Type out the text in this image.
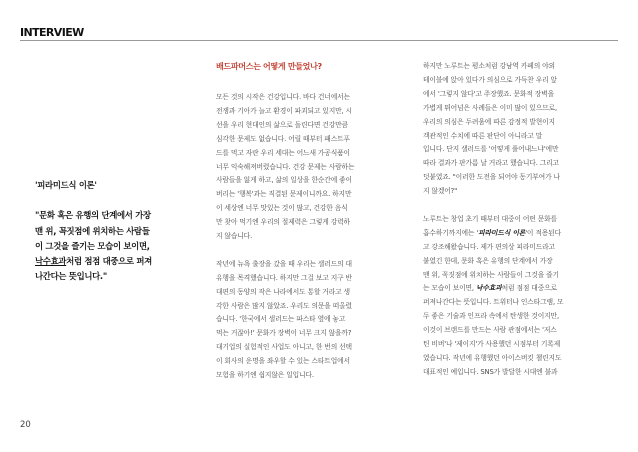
INTERVIEW
'피라미드식 이론'
"문화 혹은 유행의 단계에서 가장
맨 위, 꼭짓점에 위치하는 사람들
이 그것을 즐기는 모습이 보이면,
낙수효과처럼 점점 대중으로 퍼져
나간다는 뜻입니다."
배드파머스는 어떻게 만들었나?
모든 것의 시작은 건강입니다. 바다 건너에서는
전쟁과 기아가 늘고 환경이 파괴되고 있지만, 시
선을 우리 현대인의 삶으로 돌린다면 건강만큼
심각한 문제도 없습니다. 어릴 때부터 패스트푸
드를 먹고 자란 우리 세대는 어느새 가공식품이
너무 익숙해져버렸습니다. 건강 문제는 사람하는
사람들을 잃게 하고, 삶의 일상을 한순간에 좋이
버리는 '행복'과는 직결된 문제이니까요. 하지만
이 세상엔 너무 맛있는 것이 많고, 건강한 음식
만 찾아 먹기엔 우리의 절제력은 그렇게 강력하
지 않습니다.
작년에 뉴욕 출장을 갔을 때 우리는 샐러드의 대
유행을 목격했습니다. 하지만 그걸 보고 지구 반
대편의 동양의 작은 나라에서도 통할 거라고 생
각한 사람은 많지 않았죠. 우리도 의문을 떠올렸
습니다. '한국에서 샐러드는 파스타 옆에 놓고
먹는 거잖아!' 문화가 장벽이 너무 크지 않을까?
대기업의 실험적인 사업도 아니고, 한 번의 선택
이 회사의 운명을 좌우할 수 있는 스타트업에서
모험을 하기엔 쉽지않은 일입니다.
하지만 노루트는 평소처럼 강남역 카페의 야외
테이블에 앉아 있다가 의심으로 가득찬 우리 앞
에서 '그렇지 않다'고 주장했죠. 문화적 장벽을
가볍게 뛰어넘은 사례들은 이미 많이 있으므로,
우리의 의심은 두려움에 따른 감정적 발현이지
객관적인 수치에 따른 판단이 아니라고 말
입니다. 단지 샐러드를 '어떻게 풀어내느냐'에만
따라 결과가 판가름 날 거라고 했습니다. 그리고
덧붙였죠. "이러한 도전을 되어야 동기부여가 나
지 않겠어?"
노루트는 창업 초기 때부터 대중이 어떤 문화를
흡수하기까지에는 '피라미드식 이론'이 적용된다
고 강조해왔습니다. 제가 편의상 피라미드라고
붙였긴 한데, 문화 혹은 유행의 단계에서 가장
맨 위, 꼭짓점에 위치하는 사람들이 그것을 즐기
는 모습이 보이면, 낙수효과처럼 점점 대중으로
퍼져나간다는 뜻입니다. 트위터나 인스타그램, 모
두 좋은 기술과 인프라 속에서 탄생한 것이지만,
이것이 브랜드를 만드는 사람 관점에서는 '저스
틴 비버'나 '제이지'가 사용했던 시점부터 기록제
였습니다. 작년에 유행했던 아이스버킷 챌린지도
대표적인 예입니다. SNS가 발달한 시대엔 불과
20
